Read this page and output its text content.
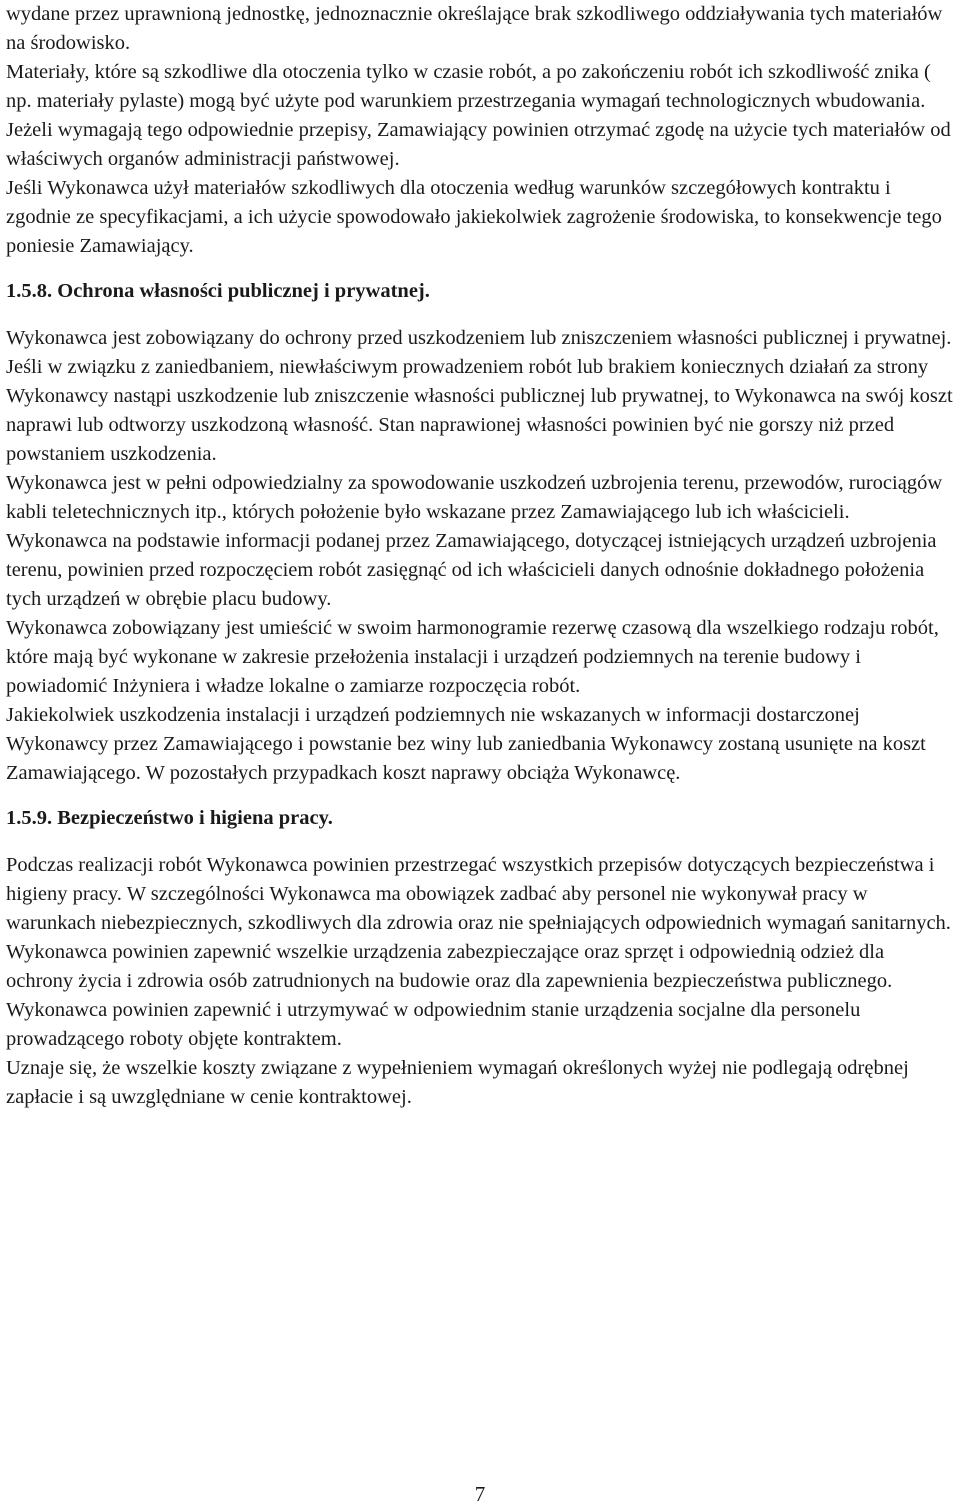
wydane przez uprawnioną jednostkę, jednoznacznie określające brak szkodliwego oddziaływania tych materiałów na środowisko.

Materiały, które są szkodliwe dla otoczenia tylko w czasie robót, a po zakończeniu robót ich szkodliwość znika ( np. materiały pylaste) mogą być użyte pod warunkiem przestrzegania wymagań technologicznych wbudowania. Jeżeli wymagają tego odpowiednie przepisy, Zamawiający powinien otrzymać zgodę na użycie tych materiałów od właściwych organów administracji państwowej.

Jeśli Wykonawca użył materiałów szkodliwych dla otoczenia według warunków szczegółowych kontraktu i zgodnie ze specyfikacjami, a ich użycie spowodowało jakiekolwiek zagrożenie środowiska, to konsekwencje tego poniesie Zamawiający.

1.5.8. Ochrona własności publicznej i prywatnej.

Wykonawca jest zobowiązany do ochrony przed uszkodzeniem lub zniszczeniem własności publicznej i prywatnej.

Jeśli w związku z zaniedbaniem, niewłaściwym prowadzeniem robót lub brakiem koniecznych działań za strony Wykonawcy nastąpi uszkodzenie lub zniszczenie własności publicznej lub prywatnej, to Wykonawca na swój koszt naprawi lub odtworzy uszkodzoną własność. Stan naprawionej własności powinien być nie gorszy niż przed powstaniem uszkodzenia.

Wykonawca jest w pełni odpowiedzialny za spowodowanie uszkodzeń uzbrojenia terenu, przewodów, rurociągów kabli teletechnicznych itp., których położenie było wskazane przez Zamawiającego lub ich właścicieli.

Wykonawca na podstawie informacji podanej przez Zamawiającego, dotyczącej istniejących urządzeń uzbrojenia terenu, powinien przed rozpoczęciem robót zasięgnąć od ich właścicieli danych odnośnie dokładnego położenia tych urządzeń w obrębie placu budowy.

Wykonawca zobowiązany jest umieścić w swoim harmonogramie rezerwę czasową dla wszelkiego rodzaju robót, które mają być wykonane w zakresie przełożenia instalacji i urządzeń podziemnych na terenie budowy i powiadomić Inżyniera i władze lokalne o zamiarze rozpoczęcia robót.

Jakiekolwiek uszkodzenia instalacji i urządzeń podziemnych nie wskazanych w informacji dostarczonej Wykonawcy przez Zamawiającego i powstanie bez winy lub zaniedbania Wykonawcy zostaną usunięte na koszt Zamawiającego. W pozostałych przypadkach koszt naprawy obciąża Wykonawcę.

1.5.9. Bezpieczeństwo i higiena pracy.

Podczas realizacji robót Wykonawca powinien przestrzegać wszystkich przepisów dotyczących bezpieczeństwa i higieny pracy. W szczególności Wykonawca ma obowiązek zadbać aby personel nie wykonywał pracy w warunkach niebezpiecznych, szkodliwych dla zdrowia oraz nie spełniających odpowiednich wymagań sanitarnych.

Wykonawca powinien zapewnić wszelkie urządzenia zabezpieczające oraz sprzęt i odpowiednią odzież dla ochrony życia i zdrowia osób zatrudnionych na budowie oraz dla zapewnienia bezpieczeństwa publicznego.

Wykonawca powinien zapewnić i utrzymywać w odpowiednim stanie urządzenia socjalne dla personelu prowadzącego roboty objęte kontraktem.

Uznaje się, że wszelkie koszty związane z wypełnieniem wymagań określonych wyżej nie podlegają odrębnej zapłacie i są uwzględniane w cenie kontraktowej.

7
